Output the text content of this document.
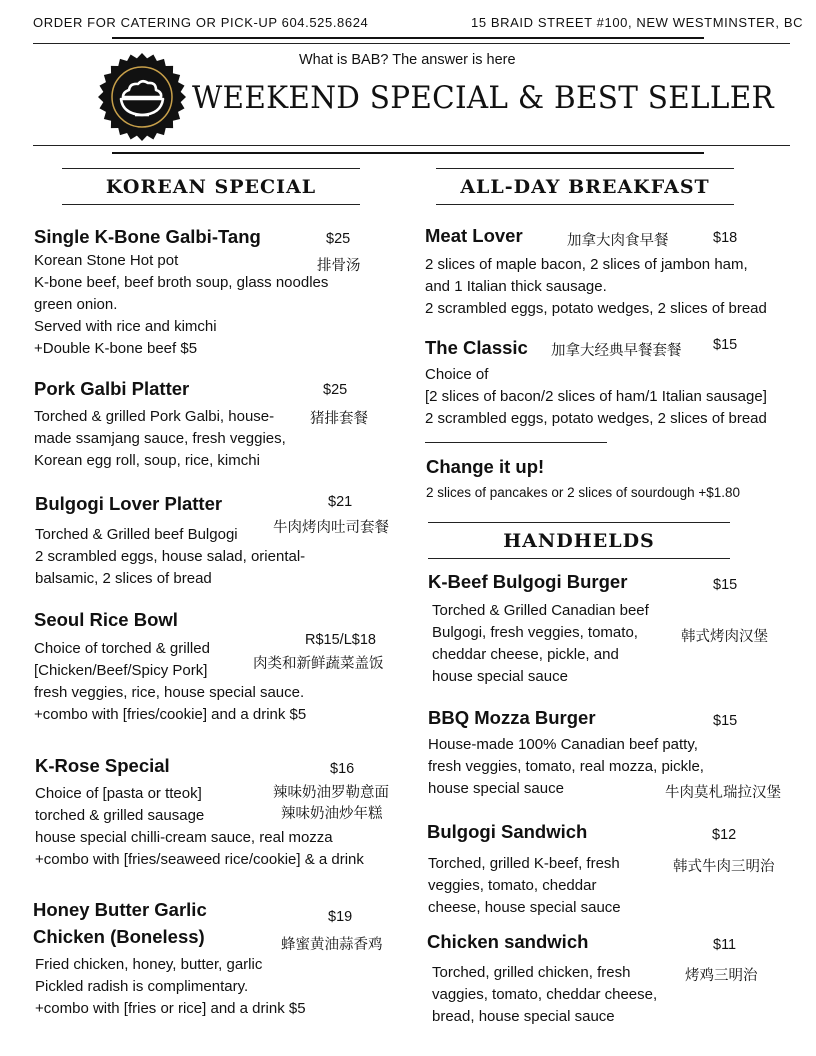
ORDER FOR CATERING OR PICK-UP 604.525.8624	15 BRAID STREET #100, NEW WESTMINSTER, BC
What is BAB? The answer is here
WEEKEND SPECIAL & BEST SELLER
KOREAN SPECIAL
Single K-Bone Galbi-Tang	$25
排骨汤
Korean Stone Hot pot
K-bone beef, beef broth soup, glass noodles
green onion.
Served with rice and kimchi
+Double K-bone beef $5
Pork Galbi Platter	$25
猪排套餐
Torched & grilled Pork Galbi, house-
made ssamjang sauce, fresh veggies,
Korean egg roll, soup, rice, kimchi
Bulgogi Lover Platter	$21
牛肉烤肉吐司套餐
Torched & Grilled beef Bulgogi
2 scrambled eggs, house salad, oriental-
balsamic, 2 slices of bread
Seoul Rice Bowl
R$15/L$18
肉类和新鲜蔬菜盖饭
Choice of torched & grilled
[Chicken/Beef/Spicy Pork]
fresh veggies, rice, house special sauce.
+combo with [fries/cookie] and a drink $5
K-Rose Special	$16
辣味奶油罗勒意面
辣味奶油炒年糕
Choice of [pasta or tteok]
torched & grilled sausage
house special chilli-cream sauce, real mozza
+combo with [fries/seaweed rice/cookie] & a drink
Honey Butter Garlic
Chicken (Boneless)
$19
蜂蜜黄油蒜香鸡
Fried chicken, honey, butter, garlic
Pickled radish is complimentary.
+combo with [fries or rice] and a drink $5
ALL-DAY BREAKFAST
Meat Lover	加拿大肉食早餐	$18
2 slices of maple bacon, 2 slices of jambon ham,
and 1 Italian thick sausage.
2 scrambled eggs, potato wedges, 2 slices of bread
The Classic 加拿大经典早餐套餐 $15
Choice of
[2 slices of bacon/2 slices of ham/1 Italian sausage]
2 scrambled eggs, potato wedges, 2 slices of bread
Change it up!
2 slices of pancakes or 2 slices of sourdough +$1.80
HANDHELDS
K-Beef Bulgogi Burger	$15
韩式烤肉汉堡
Torched & Grilled Canadian beef
Bulgogi, fresh veggies, tomato,
cheddar cheese, pickle, and
house special sauce
BBQ Mozza Burger	$15
牛肉莫札瑞拉汉堡
House-made 100% Canadian beef patty,
fresh veggies, tomato, real mozza, pickle,
house special sauce
Bulgogi Sandwich	$12
韩式牛肉三明治
Torched, grilled K-beef, fresh
veggies, tomato, cheddar
cheese, house special sauce
Chicken sandwich	$11
烤鸡三明治
Torched, grilled chicken, fresh
vaggies, tomato, cheddar cheese,
bread, house special sauce
